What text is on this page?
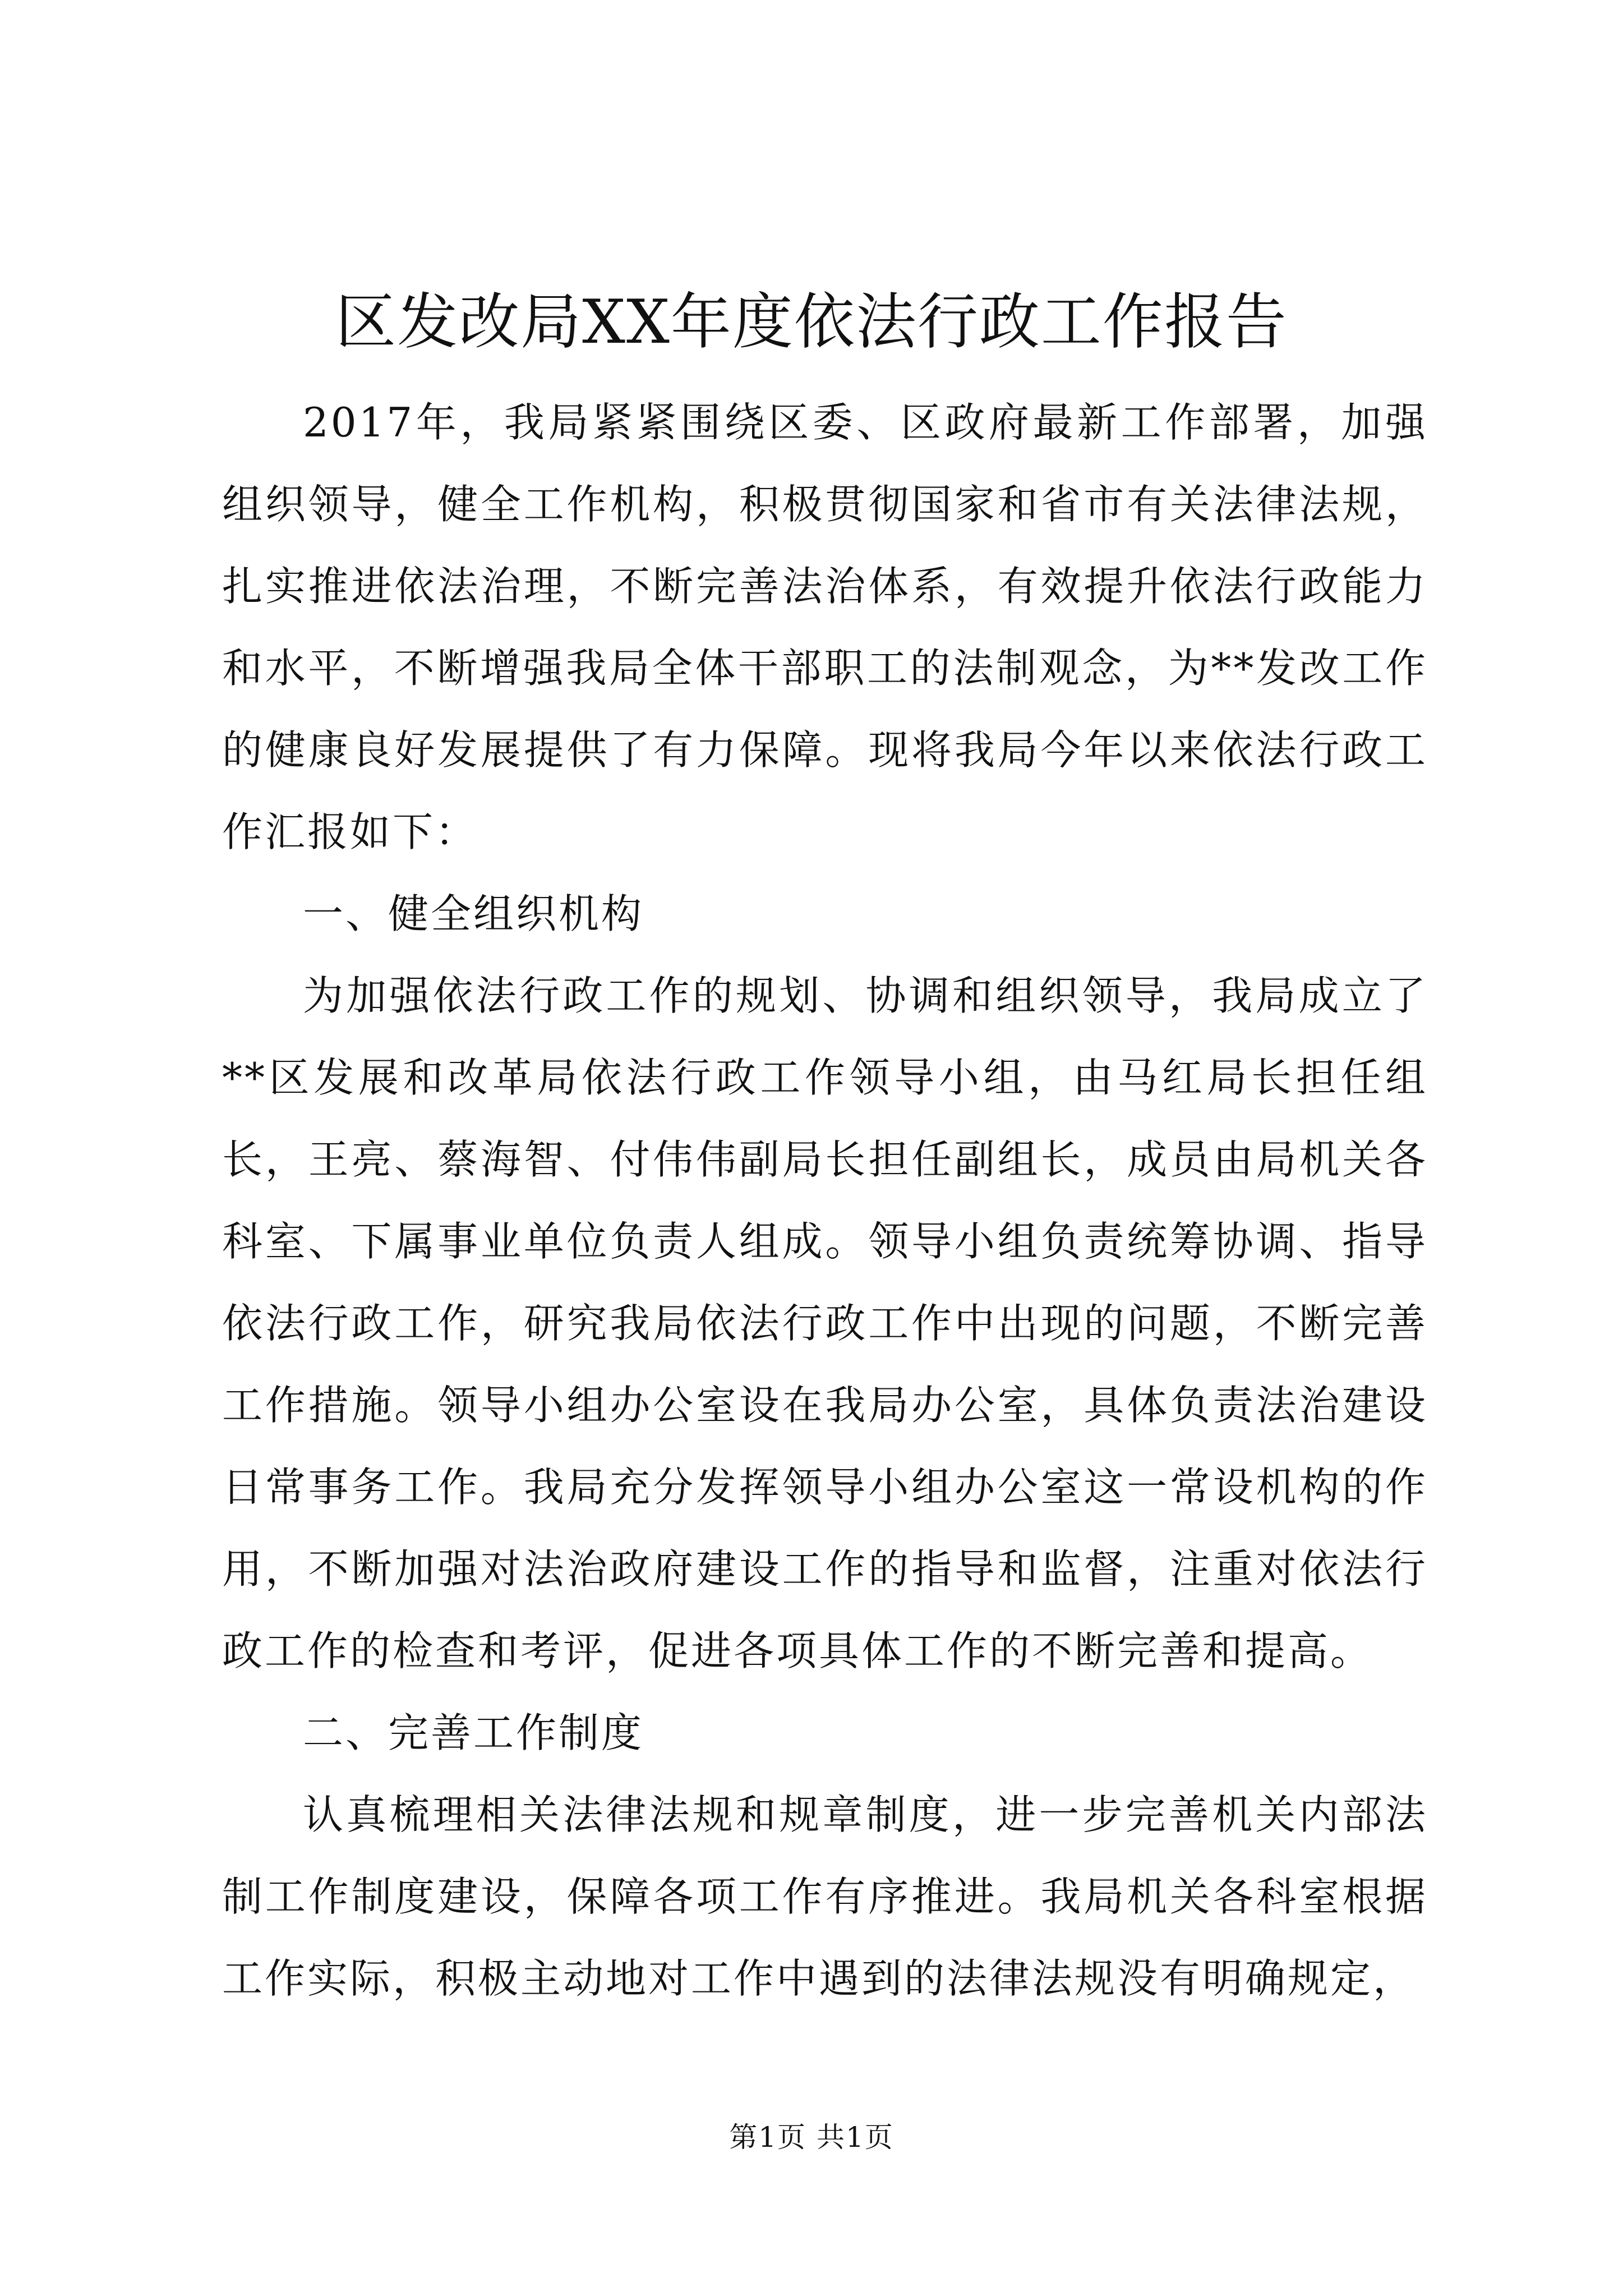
区发改局XX年度依法行政工作报告

2017年，我局紧紧围绕区委、区政府最新工作部署，加强组织领导，健全工作机构，积极贯彻国家和省市有关法律法规，扎实推进依法治理，不断完善法治体系，有效提升依法行政能力和水平，不断增强我局全体干部职工的法制观念，为**发改工作的健康良好发展提供了有力保障。现将我局今年以来依法行政工作汇报如下：

一、健全组织机构

为加强依法行政工作的规划、协调和组织领导，我局成立了**区发展和改革局依法行政工作领导小组，由马红局长担任组长，王亮、蔡海智、付伟伟副局长担任副组长，成员由局机关各科室、下属事业单位负责人组成。领导小组负责统筹协调、指导依法行政工作，研究我局依法行政工作中出现的问题，不断完善工作措施。领导小组办公室设在我局办公室，具体负责法治建设日常事务工作。我局充分发挥领导小组办公室这一常设机构的作用，不断加强对法治政府建设工作的指导和监督，注重对依法行政工作的检查和考评，促进各项具体工作的不断完善和提高。

二、完善工作制度

认真梳理相关法律法规和规章制度，进一步完善机关内部法制工作制度建设，保障各项工作有序推进。我局机关各科室根据工作实际，积极主动地对工作中遇到的法律法规没有明确规定，

第1页 共1页
